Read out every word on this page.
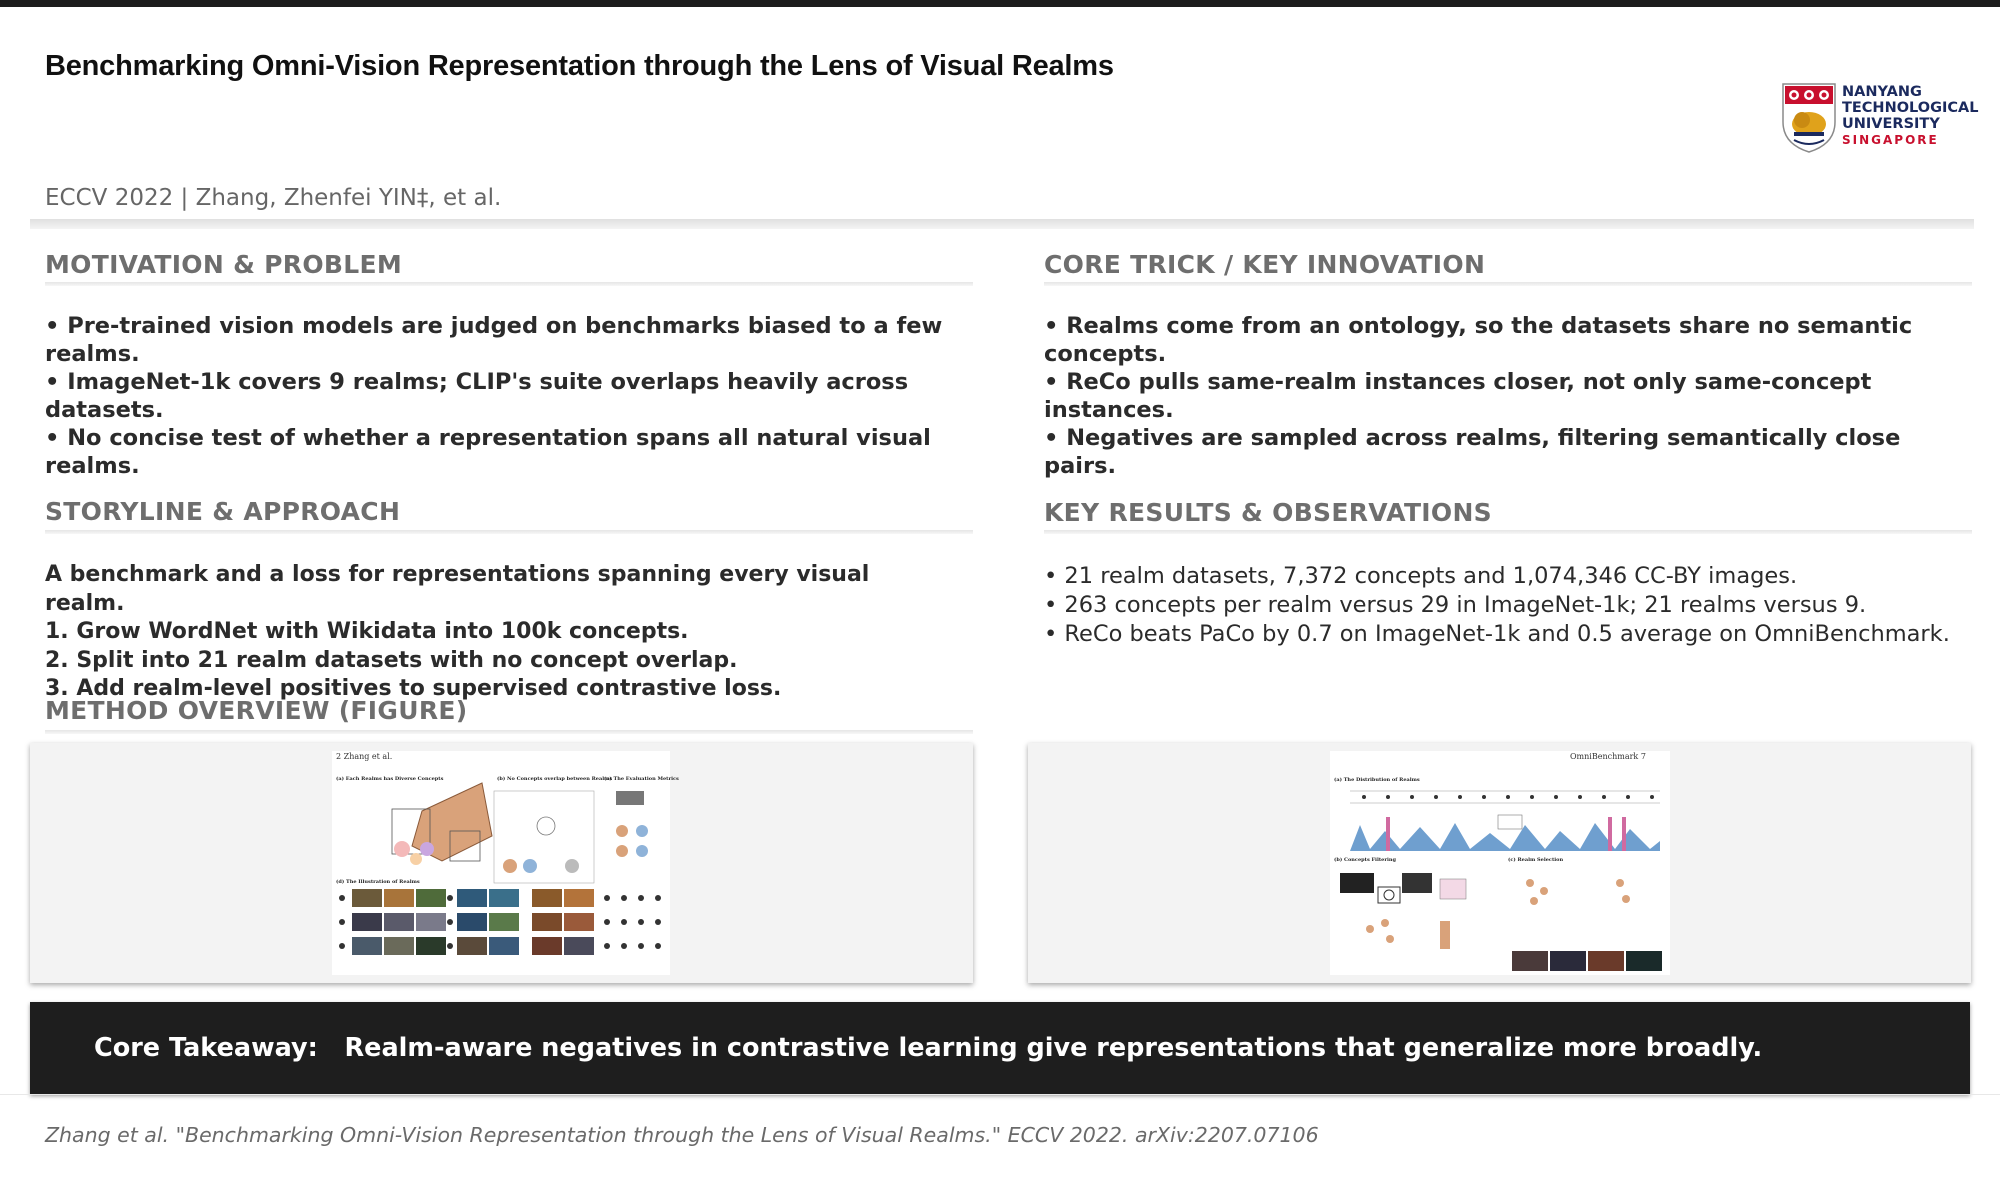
Benchmarking Omni-Vision Representation through the Lens of Visual Realms
NANYANG
TECHNOLOGICAL
UNIVERSITY
SINGAPORE
ECCV 2022 | Zhang, Zhenfei YIN‡, et al.
MOTIVATION & PROBLEM
• Pre-trained vision models are judged on benchmarks biased to a few realms.
• ImageNet-1k covers 9 realms; CLIP's suite overlaps heavily across datasets.
• No concise test of whether a representation spans all natural visual realms.
CORE TRICK / KEY INNOVATION
• Realms come from an ontology, so the datasets share no semantic concepts.
• ReCo pulls same-realm instances closer, not only same-concept instances.
• Negatives are sampled across realms, filtering semantically close pairs.
STORYLINE & APPROACH
A benchmark and a loss for representations spanning every visual realm.
1. Grow WordNet with Wikidata into 100k concepts.
2. Split into 21 realm datasets with no concept overlap.
3. Add realm-level positives to supervised contrastive loss.
KEY RESULTS & OBSERVATIONS
• 21 realm datasets, 7,372 concepts and 1,074,346 CC-BY images.
• 263 concepts per realm versus 29 in ImageNet-1k; 21 realms versus 9.
• ReCo beats PaCo by 0.7 on ImageNet-1k and 0.5 average on OmniBenchmark.
METHOD OVERVIEW (FIGURE)
2 Zhang et al.
(a) Each Realms has Diverse Concepts	(b) No Concepts overlap between Realms
(c) The Evaluation Metrics
(d) The Illustration of Realms
OmniBenchmark 7
(a) The Distribution of Realms
(b) Concepts Filtering	(c) Realm Selection
Core Takeaway: Realm-aware negatives in contrastive learning give representations that generalize more broadly.
Zhang et al. "Benchmarking Omni-Vision Representation through the Lens of Visual Realms." ECCV 2022. arXiv:2207.07106
